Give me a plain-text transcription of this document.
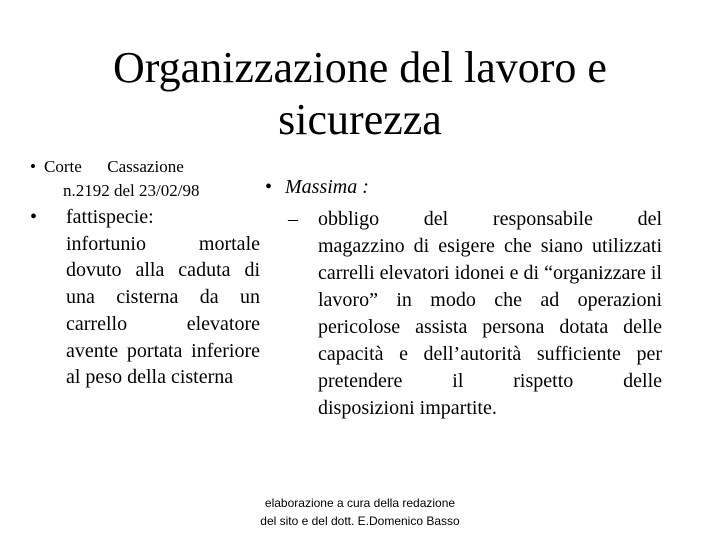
Organizzazione del lavoro e
sicurezza
• Corte      Cassazione
n.2192 del 23/02/98
•	fattispecie:
infortunio mortale dovuto alla caduta di una cisterna da un carrello elevatore avente portata inferiore al peso della cisterna
• Massima :
–	obbligo del responsabile del
magazzino di esigere che siano utilizzati carrelli elevatori idonei e di “organizzare il lavoro” in modo che ad operazioni pericolose assista persona dotata delle capacità e dell’autorità sufficiente per pretendere il rispetto delle
disposizioni impartite.
elaborazione a cura della redazione
del sito e del dott. E.Domenico Basso
